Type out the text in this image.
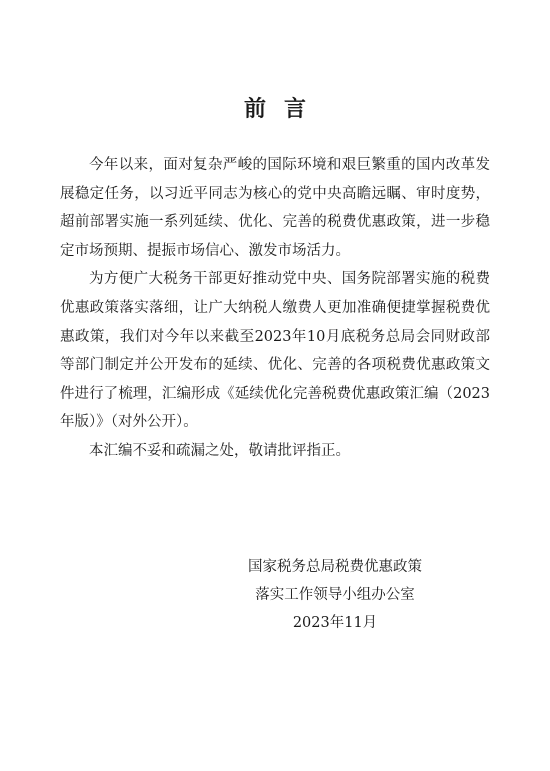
前言

今年以来，面对复杂严峻的国际环境和艰巨繁重的国内改革发展稳定任务，以习近平同志为核心的党中央高瞻远瞩、审时度势，超前部署实施一系列延续、优化、完善的税费优惠政策，进一步稳定市场预期、提振市场信心、激发市场活力。

为方便广大税务干部更好推动党中央、国务院部署实施的税费优惠政策落实落细，让广大纳税人缴费人更加准确便捷掌握税费优惠政策，我们对今年以来截至2023年10月底税务总局会同财政部等部门制定并公开发布的延续、优化、完善的各项税费优惠政策文件进行了梳理，汇编形成《延续优化完善税费优惠政策汇编（2023年版）》（对外公开）。

本汇编不妥和疏漏之处，敬请批评指正。

国家税务总局税费优惠政策
落实工作领导小组办公室
2023年11月
